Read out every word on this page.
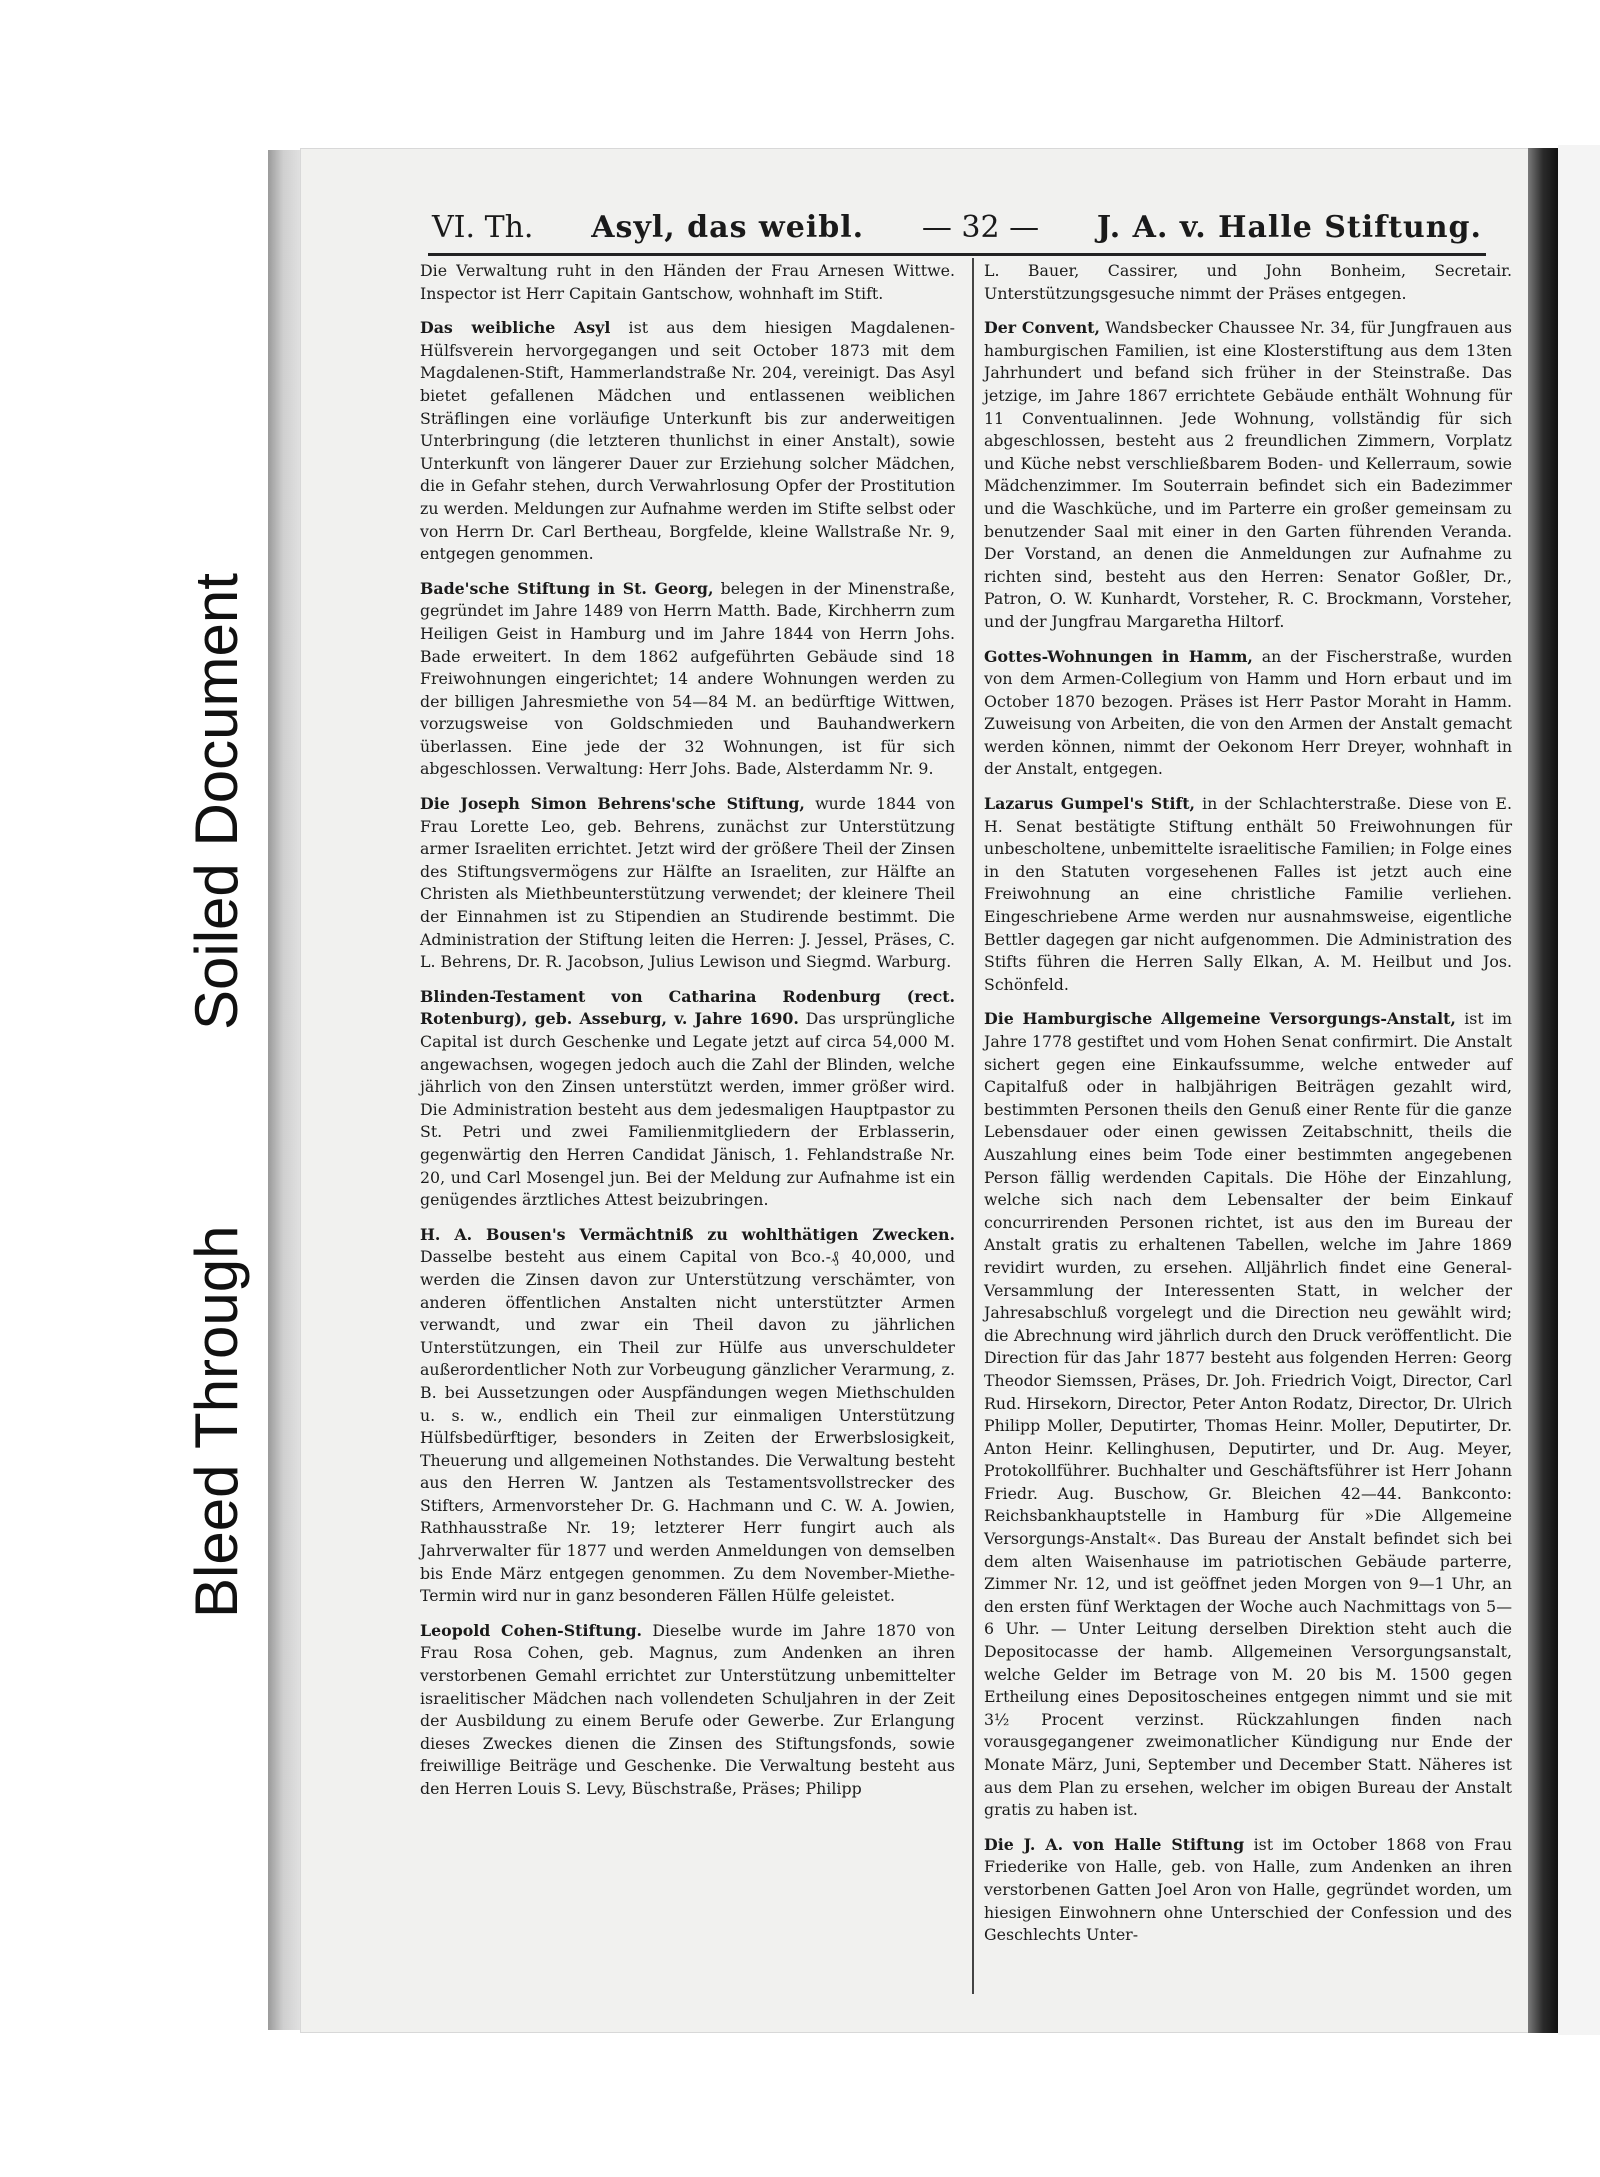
Soiled Document
Bleed Through
VI. Th. Asyl, das weibl. — 32 — J. A. v. Halle Stiftung.

Die Verwaltung ruht in den Händen der Frau Arnesen Wittwe. Inspector ist Herr Capitain Gantschow, wohnhaft im Stift.

Das weibliche Asyl ist aus dem hiesigen Magdalenen-Hülfsverein hervorgegangen und seit October 1873 mit dem Magdalenen-Stift, Hammerlandstraße Nr. 204, vereinigt. Das Asyl bietet gefallenen Mädchen und entlassenen weiblichen Sträflingen eine vorläufige Unterkunft bis zur anderweitigen Unterbringung (die letzteren thunlichst in einer Anstalt), sowie Unterkunft von längerer Dauer zur Erziehung solcher Mädchen, die in Gefahr stehen, durch Verwahrlosung Opfer der Prostitution zu werden. Meldungen zur Aufnahme werden im Stifte selbst oder von Herrn Dr. Carl Bertheau, Borgfelde, kleine Wallstraße Nr. 9, entgegen genommen.

Bade'sche Stiftung in St. Georg, belegen in der Minenstraße, gegründet im Jahre 1489 von Herrn Matth. Bade, Kirchherrn zum Heiligen Geist in Hamburg und im Jahre 1844 von Herrn Johs. Bade erweitert. In dem 1862 aufgeführten Gebäude sind 18 Freiwohnungen eingerichtet; 14 andere Wohnungen werden zu der billigen Jahresmiethe von 54—84 M. an bedürftige Wittwen, vorzugsweise von Goldschmieden und Bauhandwerkern überlassen. Eine jede der 32 Wohnungen, ist für sich abgeschlossen. Verwaltung: Herr Johs. Bade, Alsterdamm Nr. 9.

Die Joseph Simon Behrens'sche Stiftung, wurde 1844 von Frau Lorette Leo, geb. Behrens, zunächst zur Unterstützung armer Israeliten errichtet. Jetzt wird der größere Theil der Zinsen des Stiftungsvermögens zur Hälfte an Israeliten, zur Hälfte an Christen als Miethbeunterstützung verwendet; der kleinere Theil der Einnahmen ist zu Stipendien an Studirende bestimmt. Die Administration der Stiftung leiten die Herren: J. Jessel, Präses, C. L. Behrens, Dr. R. Jacobson, Julius Lewison und Siegmd. Warburg.

Blinden-Testament von Catharina Rodenburg (rect. Rotenburg), geb. Asseburg, v. Jahre 1690. Das ursprüngliche Capital ist durch Geschenke und Legate jetzt auf circa 54,000 M. angewachsen, wogegen jedoch auch die Zahl der Blinden, welche jährlich von den Zinsen unterstützt werden, immer größer wird. Die Administration besteht aus dem jedesmaligen Hauptpastor zu St. Petri und zwei Familienmitgliedern der Erblasserin, gegenwärtig den Herren Candidat Jänisch, 1. Fehlandstraße Nr. 20, und Carl Mosengel jun. Bei der Meldung zur Aufnahme ist ein genügendes ärztliches Attest beizubringen.

H. A. Bousen's Vermächtniß zu wohlthätigen Zwecken. Dasselbe besteht aus einem Capital von Bco.-₰ 40,000, und werden die Zinsen davon zur Unterstützung verschämter, von anderen öffentlichen Anstalten nicht unterstützter Armen verwandt, und zwar ein Theil davon zu jährlichen Unterstützungen, ein Theil zur Hülfe aus unverschuldeter außerordentlicher Noth zur Vorbeugung gänzlicher Verarmung, z. B. bei Aussetzungen oder Auspfändungen wegen Miethschulden u. s. w., endlich ein Theil zur einmaligen Unterstützung Hülfsbedürftiger, besonders in Zeiten der Erwerbslosigkeit, Theuerung und allgemeinen Nothstandes. Die Verwaltung besteht aus den Herren W. Jantzen als Testamentsvollstrecker des Stifters, Armenvorsteher Dr. G. Hachmann und C. W. A. Jowien, Rathhausstraße Nr. 19; letzterer Herr fungirt auch als Jahrverwalter für 1877 und werden Anmeldungen von demselben bis Ende März entgegen genommen. Zu dem November-Miethe-Termin wird nur in ganz besonderen Fällen Hülfe geleistet.

Leopold Cohen-Stiftung. Dieselbe wurde im Jahre 1870 von Frau Rosa Cohen, geb. Magnus, zum Andenken an ihren verstorbenen Gemahl errichtet zur Unterstützung unbemittelter israelitischer Mädchen nach vollendeten Schuljahren in der Zeit der Ausbildung zu einem Berufe oder Gewerbe. Zur Erlangung dieses Zweckes dienen die Zinsen des Stiftungsfonds, sowie freiwillige Beiträge und Geschenke. Die Verwaltung besteht aus den Herren Louis S. Levy, Büschstraße, Präses; Philipp

L. Bauer, Cassirer, und John Bonheim, Secretair. Unterstützungsgesuche nimmt der Präses entgegen.

Der Convent, Wandsbecker Chaussee Nr. 34, für Jungfrauen aus hamburgischen Familien, ist eine Klosterstiftung aus dem 13ten Jahrhundert und befand sich früher in der Steinstraße. Das jetzige, im Jahre 1867 errichtete Gebäude enthält Wohnung für 11 Conventualinnen. Jede Wohnung, vollständig für sich abgeschlossen, besteht aus 2 freundlichen Zimmern, Vorplatz und Küche nebst verschließbarem Boden- und Kellerraum, sowie Mädchenzimmer. Im Souterrain befindet sich ein Badezimmer und die Waschküche, und im Parterre ein großer gemeinsam zu benutzender Saal mit einer in den Garten führenden Veranda. Der Vorstand, an denen die Anmeldungen zur Aufnahme zu richten sind, besteht aus den Herren: Senator Goßler, Dr., Patron, O. W. Kunhardt, Vorsteher, R. C. Brockmann, Vorsteher, und der Jungfrau Margaretha Hiltorf.

Gottes-Wohnungen in Hamm, an der Fischerstraße, wurden von dem Armen-Collegium von Hamm und Horn erbaut und im October 1870 bezogen. Präses ist Herr Pastor Moraht in Hamm. Zuweisung von Arbeiten, die von den Armen der Anstalt gemacht werden können, nimmt der Oekonom Herr Dreyer, wohnhaft in der Anstalt, entgegen.

Lazarus Gumpel's Stift, in der Schlachterstraße. Diese von E. H. Senat bestätigte Stiftung enthält 50 Freiwohnungen für unbescholtene, unbemittelte israelitische Familien; in Folge eines in den Statuten vorgesehenen Falles ist jetzt auch eine Freiwohnung an eine christliche Familie verliehen. Eingeschriebene Arme werden nur ausnahmsweise, eigentliche Bettler dagegen gar nicht aufgenommen. Die Administration des Stifts führen die Herren Sally Elkan, A. M. Heilbut und Jos. Schönfeld.

Die Hamburgische Allgemeine Versorgungs-Anstalt, ist im Jahre 1778 gestiftet und vom Hohen Senat confirmirt. Die Anstalt sichert gegen eine Einkaufssumme, welche entweder auf Capitalfuß oder in halbjährigen Beiträgen gezahlt wird, bestimmten Personen theils den Genuß einer Rente für die ganze Lebensdauer oder einen gewissen Zeitabschnitt, theils die Auszahlung eines beim Tode einer bestimmten angegebenen Person fällig werdenden Capitals. Die Höhe der Einzahlung, welche sich nach dem Lebensalter der beim Einkauf concurrirenden Personen richtet, ist aus den im Bureau der Anstalt gratis zu erhaltenen Tabellen, welche im Jahre 1869 revidirt wurden, zu ersehen. Alljährlich findet eine General-Versammlung der Interessenten Statt, in welcher der Jahresabschluß vorgelegt und die Direction neu gewählt wird; die Abrechnung wird jährlich durch den Druck veröffentlicht. Die Direction für das Jahr 1877 besteht aus folgenden Herren: Georg Theodor Siemssen, Präses, Dr. Joh. Friedrich Voigt, Director, Carl Rud. Hirsekorn, Director, Peter Anton Rodatz, Director, Dr. Ulrich Philipp Moller, Deputirter, Thomas Heinr. Moller, Deputirter, Dr. Anton Heinr. Kellinghusen, Deputirter, und Dr. Aug. Meyer, Protokollführer. Buchhalter und Geschäftsführer ist Herr Johann Friedr. Aug. Buschow, Gr. Bleichen 42—44. Bankconto: Reichsbankhauptstelle in Hamburg für »Die Allgemeine Versorgungs-Anstalt«. Das Bureau der Anstalt befindet sich bei dem alten Waisenhause im patriotischen Gebäude parterre, Zimmer Nr. 12, und ist geöffnet jeden Morgen von 9—1 Uhr, an den ersten fünf Werktagen der Woche auch Nachmittags von 5—6 Uhr. — Unter Leitung derselben Direktion steht auch die Depositocasse der hamb. Allgemeinen Versorgungsanstalt, welche Gelder im Betrage von M. 20 bis M. 1500 gegen Ertheilung eines Depositoscheines entgegen nimmt und sie mit 3½ Procent verzinst. Rückzahlungen finden nach vorausgegangener zweimonatlicher Kündigung nur Ende der Monate März, Juni, September und December Statt. Näheres ist aus dem Plan zu ersehen, welcher im obigen Bureau der Anstalt gratis zu haben ist.

Die J. A. von Halle Stiftung ist im October 1868 von Frau Friederike von Halle, geb. von Halle, zum Andenken an ihren verstorbenen Gatten Joel Aron von Halle, gegründet worden, um hiesigen Einwohnern ohne Unterschied der Confession und des Geschlechts Unter-
